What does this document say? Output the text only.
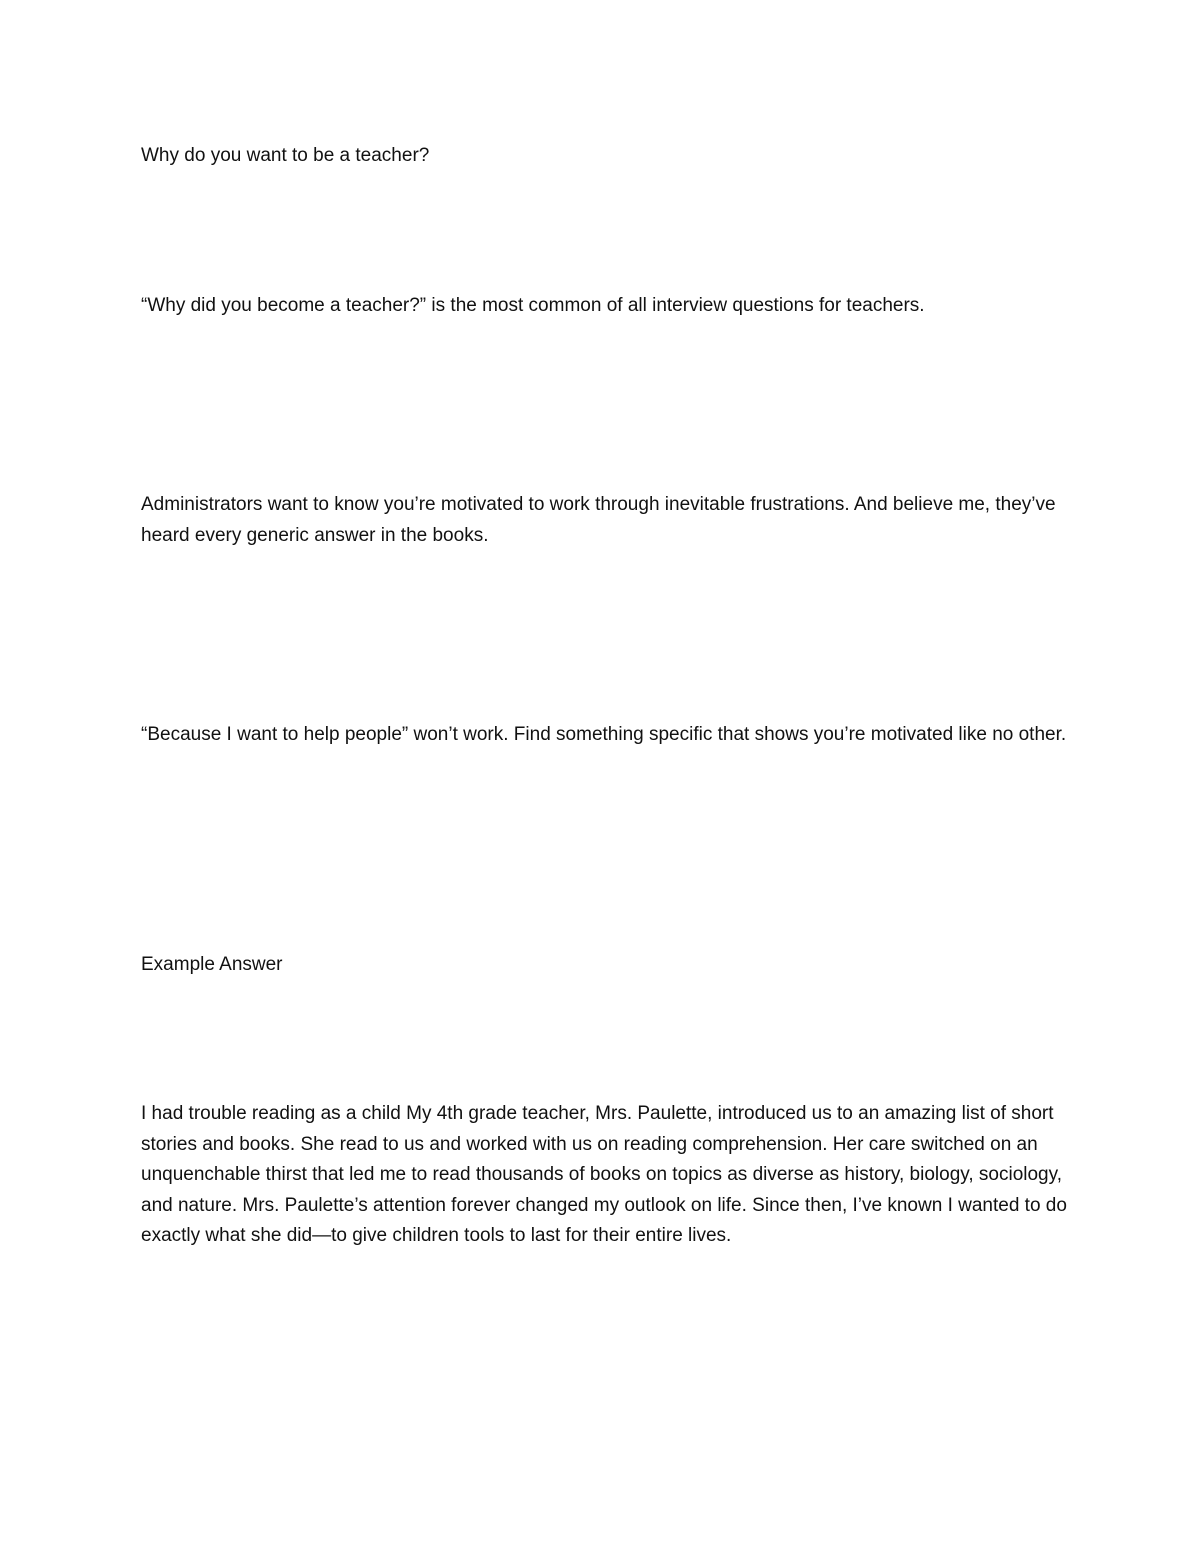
Why do you want to be a teacher?

“Why did you become a teacher?” is the most common of all interview questions for teachers.

Administrators want to know you’re motivated to work through inevitable frustrations. And believe me, they’ve heard every generic answer in the books.

“Because I want to help people” won’t work. Find something specific that shows you’re motivated like no other.

Example Answer

I had trouble reading as a child My 4th grade teacher, Mrs. Paulette, introduced us to an amazing list of short stories and books. She read to us and worked with us on reading comprehension. Her care switched on an unquenchable thirst that led me to read thousands of books on topics as diverse as history, biology, sociology, and nature. Mrs. Paulette’s attention forever changed my outlook on life. Since then, I’ve known I wanted to do exactly what she did—to give children tools to last for their entire lives.
